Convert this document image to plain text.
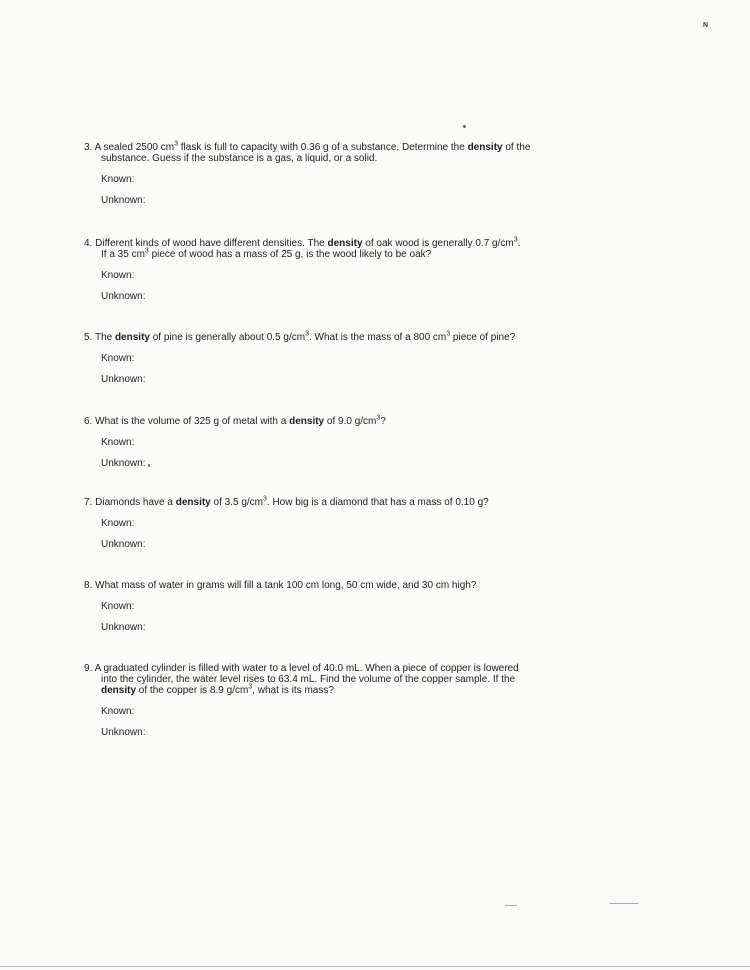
N
3. A sealed 2500 $cm^3$ flask is full to capacity with 0.36 g of a substance. Determine the density of the
substance. Guess if the substance is a gas, a liquid, or a solid.
Known:
Unknown:
4. Different kinds of wood have different densities. The density of oak wood is generally 0.7 $g/cm^3$.
If a 35 $cm^3$ piece of wood has a mass of 25 g, is the wood likely to be oak?
Known:
Unknown:
5. The density of pine is generally about 0.5 $g/cm^3$. What is the mass of a 800 $cm^3$ piece of pine?
Known:
Unknown:
6. What is the volume of 325 g of metal with a density of 9.0 $g/cm^3$?
Known:
Unknown:
7. Diamonds have a density of 3.5 $g/cm^3$. How big is a diamond that has a mass of 0.10 g?
Known:
Unknown:
8. What mass of water in grams will fill a tank 100 cm long, 50 cm wide, and 30 cm high?
Known:
Unknown:
9. A graduated cylinder is filled with water to a level of 40.0 mL. When a piece of copper is lowered
into the cylinder, the water level rises to 63.4 mL. Find the volume of the copper sample. If the
density of the copper is 8.9 $g/cm^3$, what is its mass?
Known:
Unknown:
